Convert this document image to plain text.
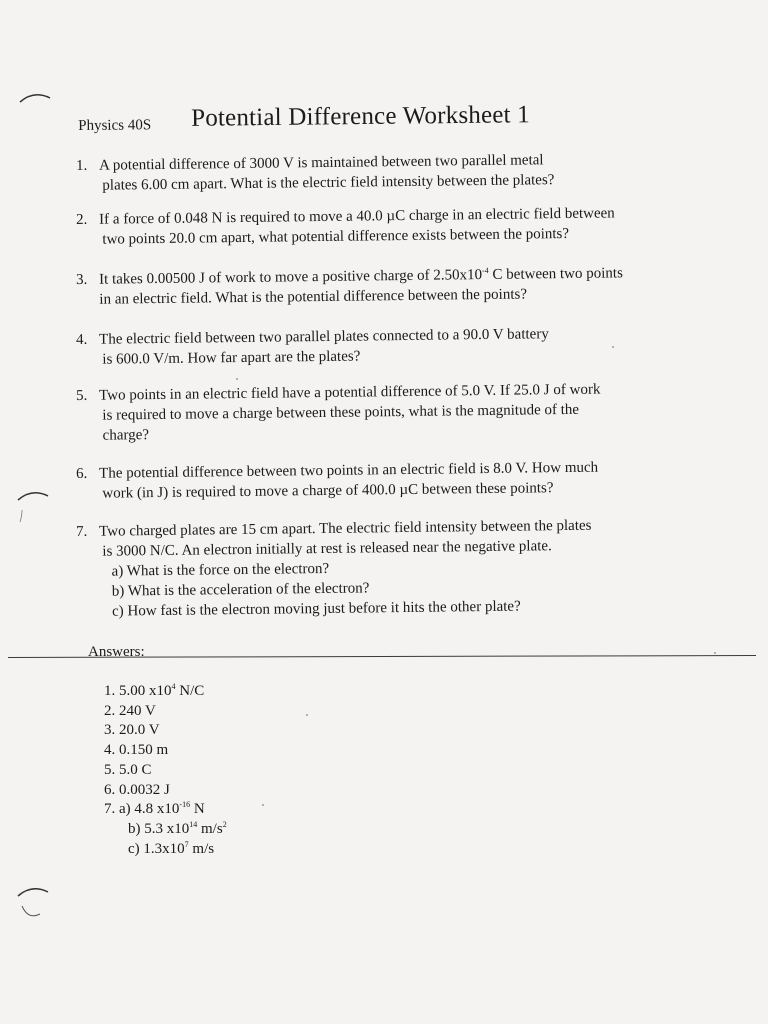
Physics 40S Potential Difference Worksheet 1
1. A potential difference of 3000 V is maintained between two parallel metal
plates 6.00 cm apart. What is the electric field intensity between the plates?
2. If a force of 0.048 N is required to move a 40.0 µC charge in an electric field between
two points 20.0 cm apart, what potential difference exists between the points?
3. It takes 0.00500 J of work to move a positive charge of $2.50x10^{-4}$ C between two points
in an electric field. What is the potential difference between the points?
4. The electric field between two parallel plates connected to a 90.0 V battery
is 600.0 V/m. How far apart are the plates?
5. Two points in an electric field have a potential difference of 5.0 V. If 25.0 J of work
is required to move a charge between these points, what is the magnitude of the
charge?
6. The potential difference between two points in an electric field is 8.0 V. How much
work (in J) is required to move a charge of 400.0 µC between these points?
7. Two charged plates are 15 cm apart. The electric field intensity between the plates
is 3000 N/C. An electron initially at rest is released near the negative plate.
a) What is the force on the electron?
b) What is the acceleration of the electron?
c) How fast is the electron moving just before it hits the other plate?
Answers:
1. 5.00 $x10^4$ N/C
2. 240 V
3. 20.0 V
4. 0.150 m
5. 5.0 C
6. 0.0032 J
7. a) 4.8 $x10^{-16}$ N
b) 5.3 $x10^{14}$ $m/s^2$
c) $1.3x10^7$ m/s
